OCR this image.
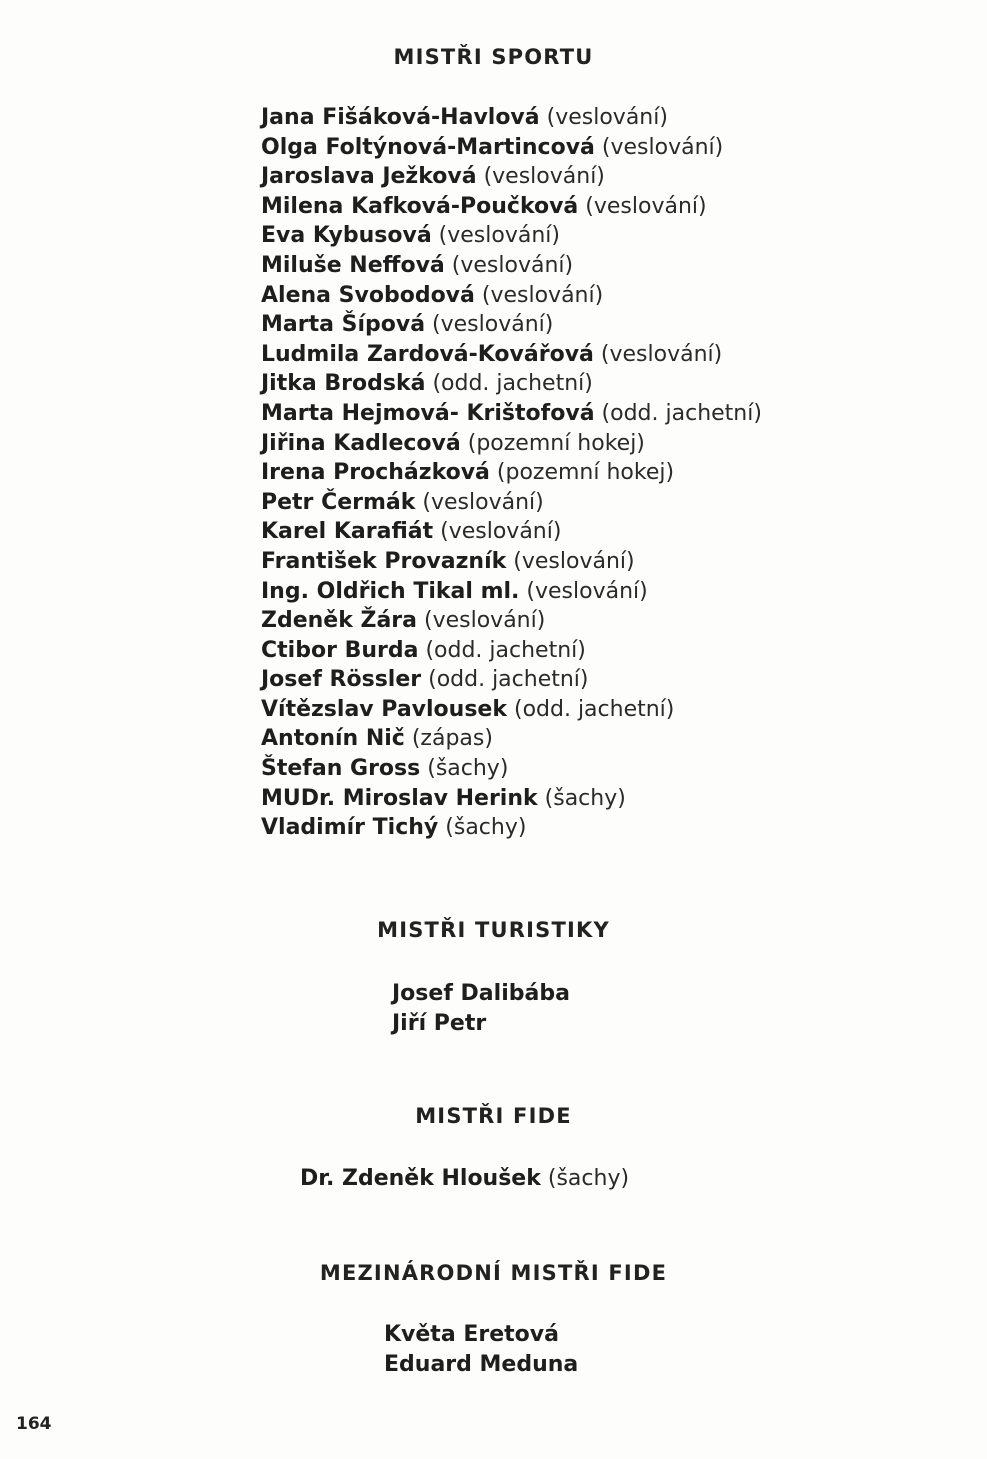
MISTŘI SPORTU
Jana Fišáková-Havlová (veslování)
Olga Foltýnová-Martincová (veslování)
Jaroslava Ježková (veslování)
Milena Kafková-Poučková (veslování)
Eva Kybusová (veslování)
Miluše Neffová (veslování)
Alena Svobodová (veslování)
Marta Šípová (veslování)
Ludmila Zardová-Kovářová (veslování)
Jitka Brodská (odd. jachetní)
Marta Hejmová- Krištofová (odd. jachetní)
Jiřina Kadlecová (pozemní hokej)
Irena Procházková (pozemní hokej)
Petr Čermák (veslování)
Karel Karafiát (veslování)
František Provazník (veslování)
Ing. Oldřich Tikal ml. (veslování)
Zdeněk Žára (veslování)
Ctibor Burda (odd. jachetní)
Josef Rössler (odd. jachetní)
Vítězslav Pavlousek (odd. jachetní)
Antonín Nič (zápas)
Štefan Gross (šachy)
MUDr. Miroslav Herink (šachy)
Vladimír Tichý (šachy)
MISTŘI TURISTIKY
Josef Dalibába
Jiří Petr
MISTŘI FIDE
Dr. Zdeněk Hloušek (šachy)
MEZINÁRODNÍ MISTŘI FIDE
Květa Eretová
Eduard Meduna
164
